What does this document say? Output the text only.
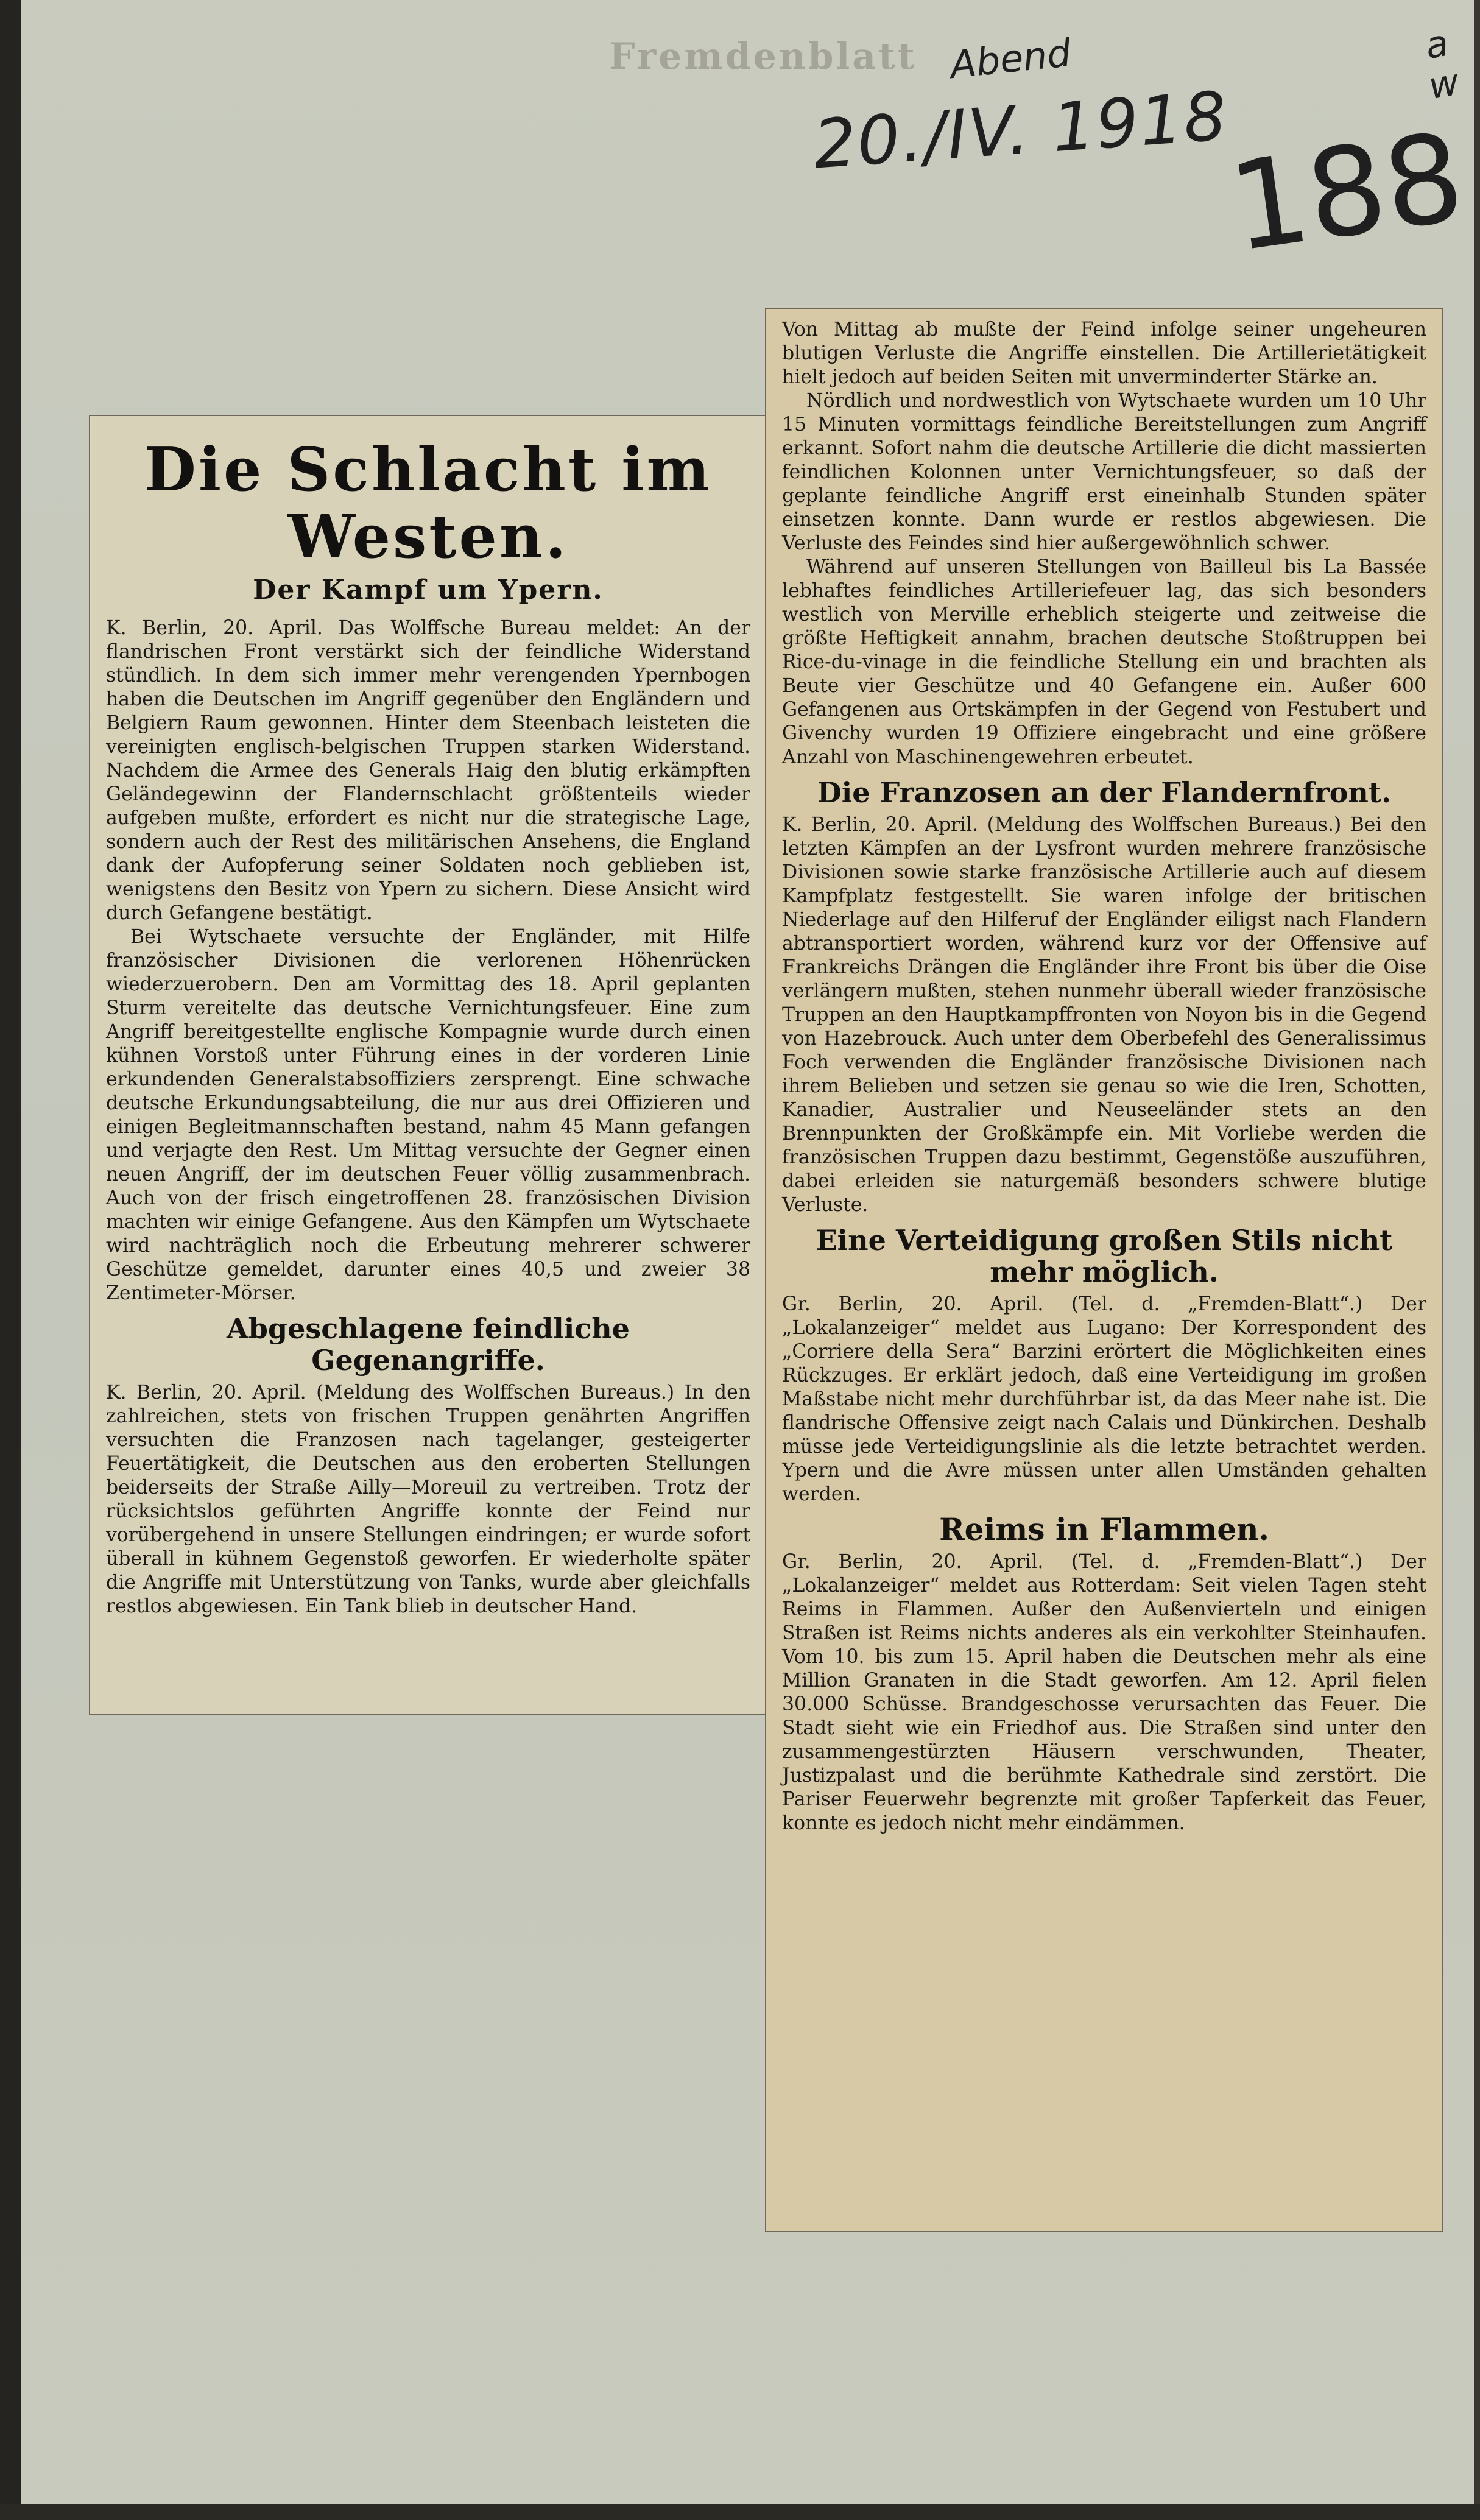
Fremdenblatt Abend
20./IV. 1918
188
a
w
Die Schlacht im Westen.
Der Kampf um Ypern.

K. Berlin, 20. April. Das Wolffsche Bureau meldet: An der flandrischen Front verstärkt sich der feindliche Widerstand stündlich. In dem sich immer mehr verengenden Ypernbogen haben die Deutschen im Angriff gegenüber den Engländern und Belgiern Raum gewonnen. Hinter dem Steenbach leisteten die vereinigten englisch-belgischen Truppen starken Widerstand. Nachdem die Armee des Generals Haig den blutig erkämpften Geländegewinn der Flandernschlacht größtenteils wieder aufgeben mußte, erfordert es nicht nur die strategische Lage, sondern auch der Rest des militärischen Ansehens, die England dank der Aufopferung seiner Soldaten noch geblieben ist, wenigstens den Besitz von Ypern zu sichern. Diese Ansicht wird durch Gefangene bestätigt.

Bei Wytschaete versuchte der Engländer, mit Hilfe französischer Divisionen die verlorenen Höhenrücken wiederzuerobern. Den am Vormittag des 18. April geplanten Sturm vereitelte das deutsche Vernichtungsfeuer. Eine zum Angriff bereitgestellte englische Kompagnie wurde durch einen kühnen Vorstoß unter Führung eines in der vorderen Linie erkundenden Generalstabsoffiziers zersprengt. Eine schwache deutsche Erkundungsabteilung, die nur aus drei Offizieren und einigen Begleitmannschaften bestand, nahm 45 Mann gefangen und verjagte den Rest. Um Mittag versuchte der Gegner einen neuen Angriff, der im deutschen Feuer völlig zusammenbrach. Auch von der frisch eingetroffenen 28. französischen Division machten wir einige Gefangene. Aus den Kämpfen um Wytschaete wird nachträglich noch die Erbeutung mehrerer schwerer Geschütze gemeldet, darunter eines 40,5 und zweier 38 Zentimeter-Mörser.

Abgeschlagene feindliche Gegenangriffe.

K. Berlin, 20. April. (Meldung des Wolffschen Bureaus.) In den zahlreichen, stets von frischen Truppen genährten Angriffen versuchten die Franzosen nach tagelanger, gesteigerter Feuertätigkeit, die Deutschen aus den eroberten Stellungen beiderseits der Straße Ailly—Moreuil zu vertreiben. Trotz der rücksichtslos geführten Angriffe konnte der Feind nur vorübergehend in unsere Stellungen eindringen; er wurde sofort überall in kühnem Gegenstoß geworfen. Er wiederholte später die Angriffe mit Unterstützung von Tanks, wurde aber gleichfalls restlos abgewiesen. Ein Tank blieb in deutscher Hand.

Von Mittag ab mußte der Feind infolge seiner ungeheuren blutigen Verluste die Angriffe einstellen. Die Artillerietätigkeit hielt jedoch auf beiden Seiten mit unverminderter Stärke an.

Nördlich und nordwestlich von Wytschaete wurden um 10 Uhr 15 Minuten vormittags feindliche Bereitstellungen zum Angriff erkannt. Sofort nahm die deutsche Artillerie die dicht massierten feindlichen Kolonnen unter Vernichtungsfeuer, so daß der geplante feindliche Angriff erst eineinhalb Stunden später einsetzen konnte. Dann wurde er restlos abgewiesen. Die Verluste des Feindes sind hier außergewöhnlich schwer.

Während auf unseren Stellungen von Bailleul bis La Bassée lebhaftes feindliches Artilleriefeuer lag, das sich besonders westlich von Merville erheblich steigerte und zeitweise die größte Heftigkeit annahm, brachen deutsche Stoßtruppen bei Rice-du-vinage in die feindliche Stellung ein und brachten als Beute vier Geschütze und 40 Gefangene ein. Außer 600 Gefangenen aus Ortskämpfen in der Gegend von Festubert und Givenchy wurden 19 Offiziere eingebracht und eine größere Anzahl von Maschinengewehren erbeutet.

Die Franzosen an der Flandernfront.

K. Berlin, 20. April. (Meldung des Wolffschen Bureaus.) Bei den letzten Kämpfen an der Lysfront wurden mehrere französische Divisionen sowie starke französische Artillerie auch auf diesem Kampfplatz festgestellt. Sie waren infolge der britischen Niederlage auf den Hilferuf der Engländer eiligst nach Flandern abtransportiert worden, während kurz vor der Offensive auf Frankreichs Drängen die Engländer ihre Front bis über die Oise verlängern mußten, stehen nunmehr überall wieder französische Truppen an den Hauptkampffronten von Noyon bis in die Gegend von Hazebrouck. Auch unter dem Oberbefehl des Generalissimus Foch verwenden die Engländer französische Divisionen nach ihrem Belieben und setzen sie genau so wie die Iren, Schotten, Kanadier, Australier und Neuseeländer stets an den Brennpunkten der Großkämpfe ein. Mit Vorliebe werden die französischen Truppen dazu bestimmt, Gegenstöße auszuführen, dabei erleiden sie naturgemäß besonders schwere blutige Verluste.

Eine Verteidigung großen Stils nicht mehr möglich.

Gr. Berlin, 20. April. (Tel. d. „Fremden-Blatt“.) Der „Lokalanzeiger“ meldet aus Lugano: Der Korrespondent des „Corriere della Sera“ Barzini erörtert die Möglichkeiten eines Rückzuges. Er erklärt jedoch, daß eine Verteidigung im großen Maßstabe nicht mehr durchführbar ist, da das Meer nahe ist. Die flandrische Offensive zeigt nach Calais und Dünkirchen. Deshalb müsse jede Verteidigungslinie als die letzte betrachtet werden. Ypern und die Avre müssen unter allen Umständen gehalten werden.

Reims in Flammen.

Gr. Berlin, 20. April. (Tel. d. „Fremden-Blatt“.) Der „Lokalanzeiger“ meldet aus Rotterdam: Seit vielen Tagen steht Reims in Flammen. Außer den Außenvierteln und einigen Straßen ist Reims nichts anderes als ein verkohlter Steinhaufen. Vom 10. bis zum 15. April haben die Deutschen mehr als eine Million Granaten in die Stadt geworfen. Am 12. April fielen 30.000 Schüsse. Brandgeschosse verursachten das Feuer. Die Stadt sieht wie ein Friedhof aus. Die Straßen sind unter den zusammengestürzten Häusern verschwunden, Theater, Justizpalast und die berühmte Kathedrale sind zerstört. Die Pariser Feuerwehr begrenzte mit großer Tapferkeit das Feuer, konnte es jedoch nicht mehr eindämmen.
